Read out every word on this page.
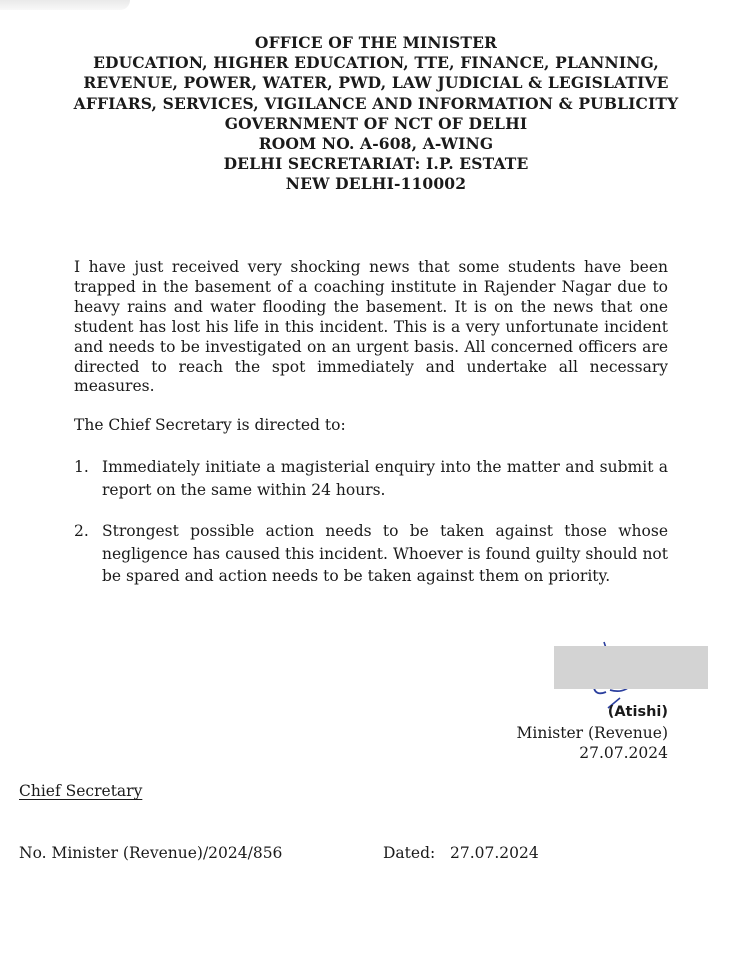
OFFICE OF THE MINISTER
EDUCATION, HIGHER EDUCATION, TTE, FINANCE, PLANNING,
REVENUE, POWER, WATER, PWD, LAW JUDICIAL & LEGISLATIVE
AFFIARS, SERVICES, VIGILANCE AND INFORMATION & PUBLICITY
GOVERNMENT OF NCT OF DELHI
ROOM NO. A-608, A-WING
DELHI SECRETARIAT: I.P. ESTATE
NEW DELHI-110002
I have just received very shocking news that some students have been trapped in the basement of a coaching institute in Rajender Nagar due to heavy rains and water flooding the basement. It is on the news that one student has lost his life in this incident. This is a very unfortunate incident and needs to be investigated on an urgent basis. All concerned officers are directed to reach the spot immediately and undertake all necessary measures.
The Chief Secretary is directed to:
1. Immediately initiate a magisterial enquiry into the matter and submit a report on the same within 24 hours.
2. Strongest possible action needs to be taken against those whose negligence has caused this incident. Whoever is found guilty should not be spared and action needs to be taken against them on priority.
(Atishi)
Minister (Revenue)
27.07.2024
Chief Secretary
No. Minister (Revenue)/2024/856	Dated: 27.07.2024
